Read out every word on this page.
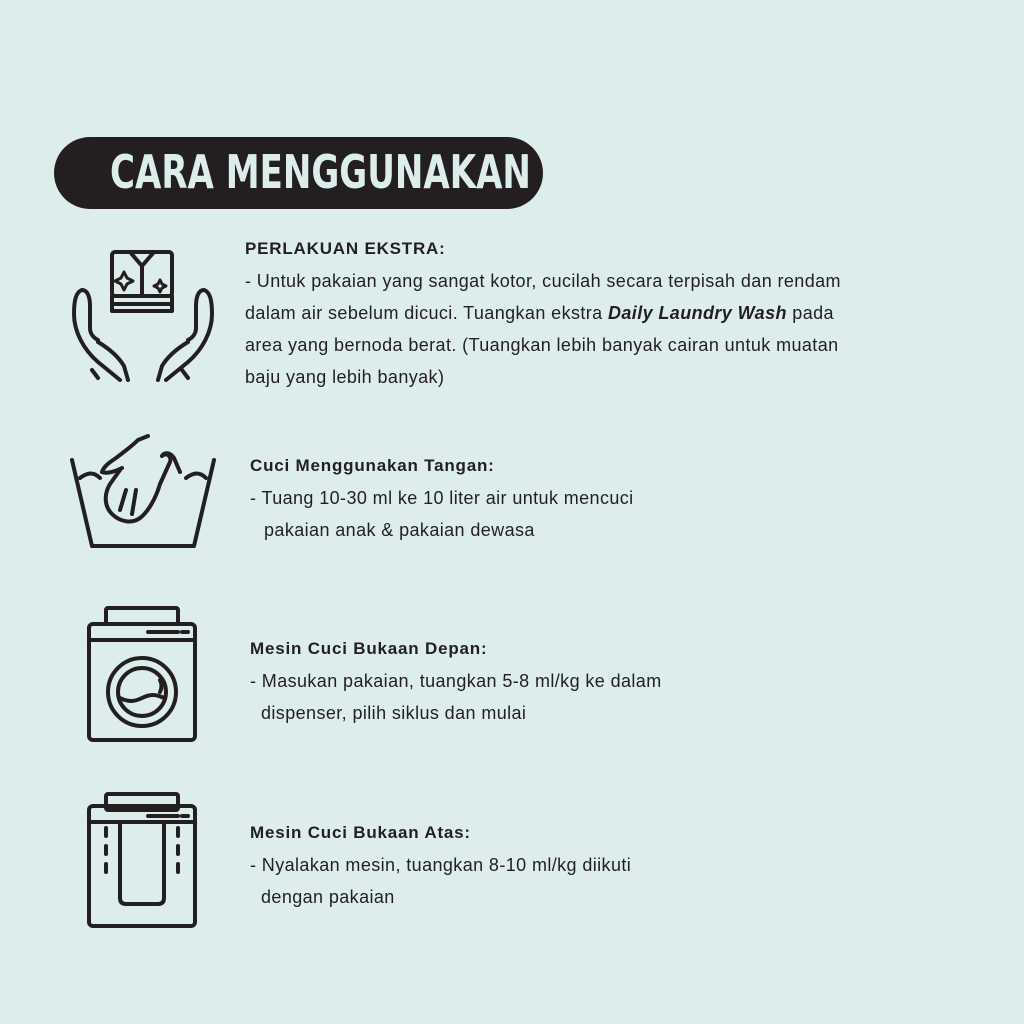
CARA MENGGUNAKAN
PERLAKUAN EKSTRA:
- Untuk pakaian yang sangat kotor, cucilah secara terpisah dan rendam
dalam air sebelum dicuci. Tuangkan ekstra Daily Laundry Wash pada
area yang bernoda berat. (Tuangkan lebih banyak cairan untuk muatan
baju yang lebih banyak)
Cuci Menggunakan Tangan:
- Tuang 10-30 ml ke 10 liter air untuk mencuci
pakaian anak & pakaian dewasa
Mesin Cuci Bukaan Depan:
- Masukan pakaian, tuangkan 5-8 ml/kg ke dalam
dispenser, pilih siklus dan mulai
Mesin Cuci Bukaan Atas:
- Nyalakan mesin, tuangkan 8-10 ml/kg diikuti
dengan pakaian
